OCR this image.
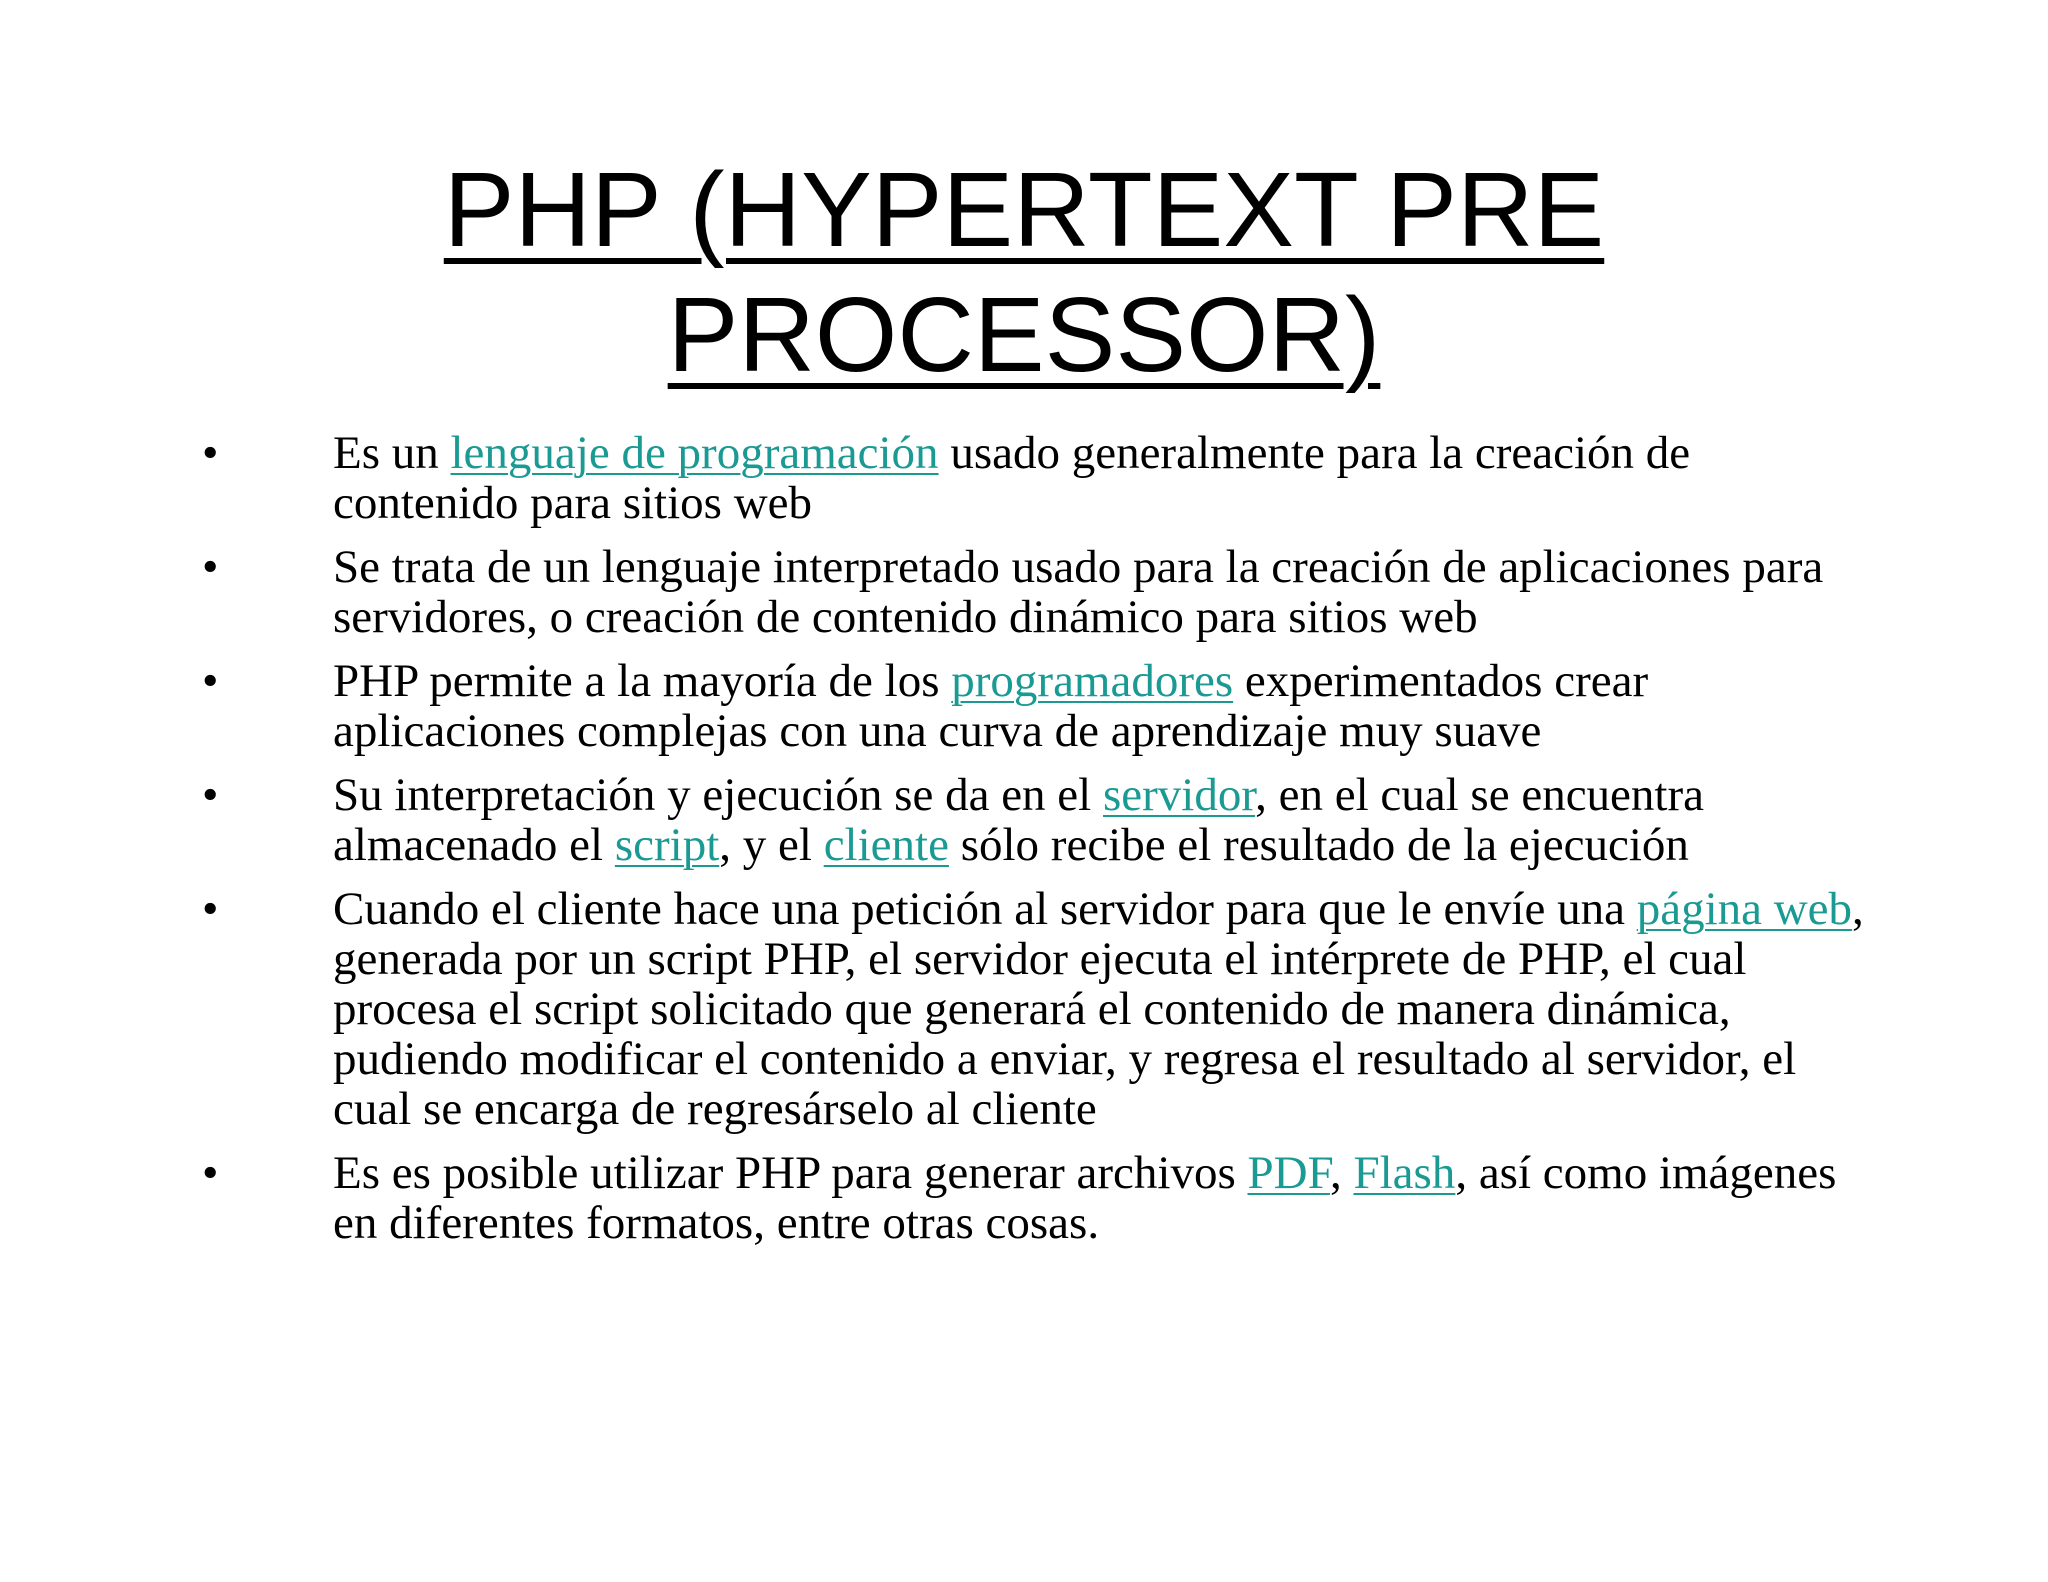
PHP (HYPERTEXT PRE
PROCESSOR)
• Es un lenguaje de programación usado generalmente para la creación de contenido para sitios web
• Se trata de un lenguaje interpretado usado para la creación de aplicaciones para servidores, o creación de contenido dinámico para sitios web
• PHP permite a la mayoría de los programadores experimentados crear aplicaciones complejas con una curva de aprendizaje muy suave
• Su interpretación y ejecución se da en el servidor, en el cual se encuentra almacenado el script, y el cliente sólo recibe el resultado de la ejecución
• Cuando el cliente hace una petición al servidor para que le envíe una página web, generada por un script PHP, el servidor ejecuta el intérprete de PHP, el cual procesa el script solicitado que generará el contenido de manera dinámica, pudiendo modificar el contenido a enviar, y regresa el resultado al servidor, el cual se encarga de regresárselo al cliente
• Es es posible utilizar PHP para generar archivos PDF, Flash, así como imágenes en diferentes formatos, entre otras cosas.
